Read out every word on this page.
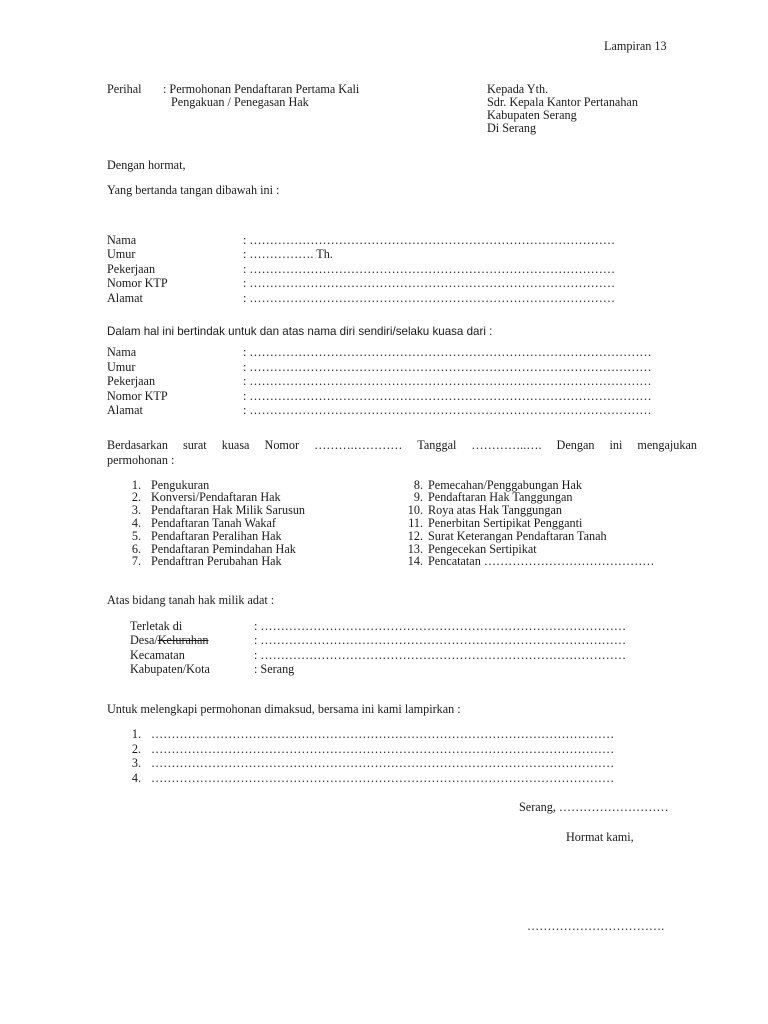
Lampiran 13
Perihal : Permohonan Pendaftaran Pertama Kali
Pengakuan / Penegasan Hak
Kepada Yth.
Sdr. Kepala Kantor Pertanahan
Kabupaten Serang
Di Serang
Dengan hormat,
Yang bertanda tangan dibawah ini :
Nama	: ………………………………………………………………………………
Umur	: ……………. Th.
Pekerjaan	: ………………………………………………………………………………
Nomor KTP	: ………………………………………………………………………………
Alamat	: ………………………………………………………………………………
Dalam hal ini bertindak untuk dan atas nama diri sendiri/selaku kuasa dari :
Nama	: ………………………………………………………………………………………
Umur	: ………………………………………………………………………………………
Pekerjaan	: ………………………………………………………………………………………
Nomor KTP	: ………………………………………………………………………………………
Alamat	: ………………………………………………………………………………………
Berdasarkan surat kuasa Nomor ……….………… Tanggal …………..…. Dengan ini mengajukan
permohonan :
1. Pengukuran
2. Konversi/Pendaftaran Hak
3. Pendaftaran Hak Milik Sarusun
4. Pendaftaran Tanah Wakaf
5. Pendaftaran Peralihan Hak
6. Pendaftaran Pemindahan Hak
7. Pendaftran Perubahan Hak
8. Pemecahan/Penggabungan Hak
9. Pendaftaran Hak Tanggungan
10. Roya atas Hak Tanggungan
11. Penerbitan Sertipikat Pengganti
12. Surat Keterangan Pendaftaran Tanah
13. Pengecekan Sertipikat
14. Pencatatan ……………………………………
Atas bidang tanah hak milik adat :
Terletak di	: ………………………………………………………………………………
Desa/Kelurahan	: ………………………………………………………………………………
Kecamatan	: ………………………………………………………………………………
Kabupaten/Kota	: Serang
Untuk melengkapi permohonan dimaksud, bersama ini kami lampirkan :
1. ……………………………………………………………………………………………………
2. ……………………………………………………………………………………………………
3. ……………………………………………………………………………………………………
4. ……………………………………………………………………………………………………
Serang, ………………………
Hormat kami,
…………………………….
